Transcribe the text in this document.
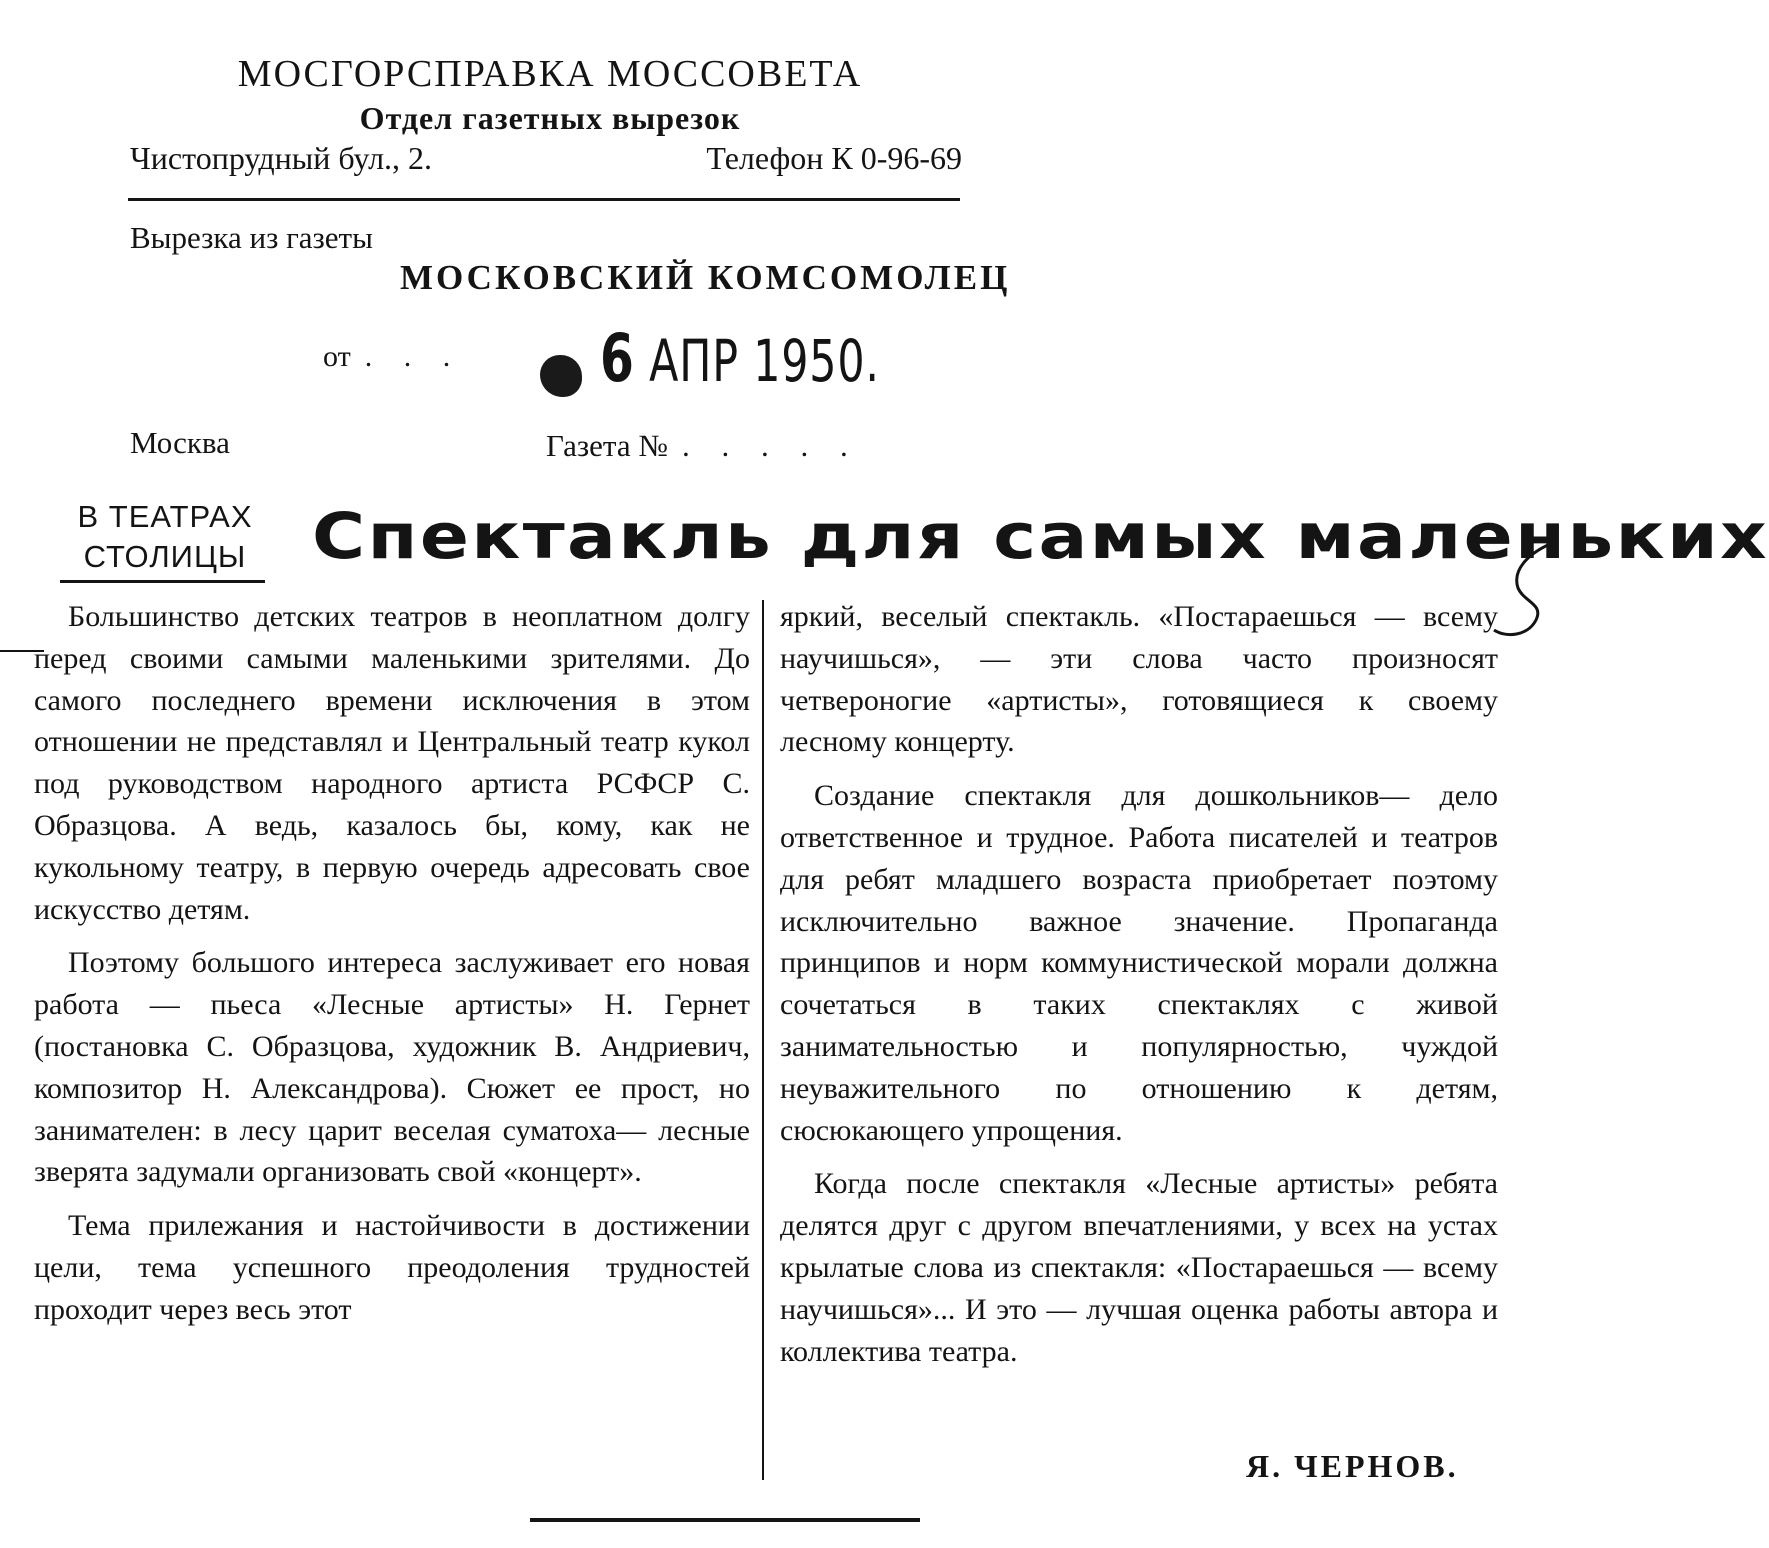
МОСГОРСПРАВКА МОССОВЕТА
Отдел газетных вырезок
Чистопрудный бул., 2.	Телефон К 0-96-69
Вырезка из газеты
МОСКОВСКИЙ КОМСОМОЛЕЦ
от . . . 6 АПР 1950.
Москва	Газета № . . . . .
В ТЕАТРАХ
СТОЛИЦЫ	Спектакль для самых маленьких

Большинство детских театров в неоплатном долгу перед своими самыми маленькими зрителями. До самого последнего времени исключения в этом отношении не представлял и Центральный театр кукол под руководством народного артиста РСФСР С. Образцова. А ведь, казалось бы, кому, как не кукольному театру, в первую очередь адресовать свое искусство детям.

Поэтому большого интереса заслуживает его новая работа — пьеса «Лесные артисты» Н. Гернет (постановка С. Образцова, художник В. Андриевич, композитор Н. Александрова). Сюжет ее прост, но занимателен: в лесу царит веселая суматоха— лесные зверята задумали организовать свой «концерт».

Тема прилежания и настойчивости в достижении цели, тема успешного преодоления трудностей проходит через весь этот

яркий, веселый спектакль. «Постараешься — всему научишься», — эти слова часто произносят четвероногие «артисты», готовящиеся к своему лесному концерту.

Создание спектакля для дошкольников— дело ответственное и трудное. Работа писателей и театров для ребят младшего возраста приобретает поэтому исключительно важное значение. Пропаганда принципов и норм коммунистической морали должна сочетаться в таких спектаклях с живой занимательностью и популярностью, чуждой неуважительного по отношению к детям, сюсюкающего упрощения.

Когда после спектакля «Лесные артисты» ребята делятся друг с другом впечатлениями, у всех на устах крылатые слова из спектакля: «Постараешься — всему научишься»... И это — лучшая оценка работы автора и коллектива театра.

Я. ЧЕРНОВ.
